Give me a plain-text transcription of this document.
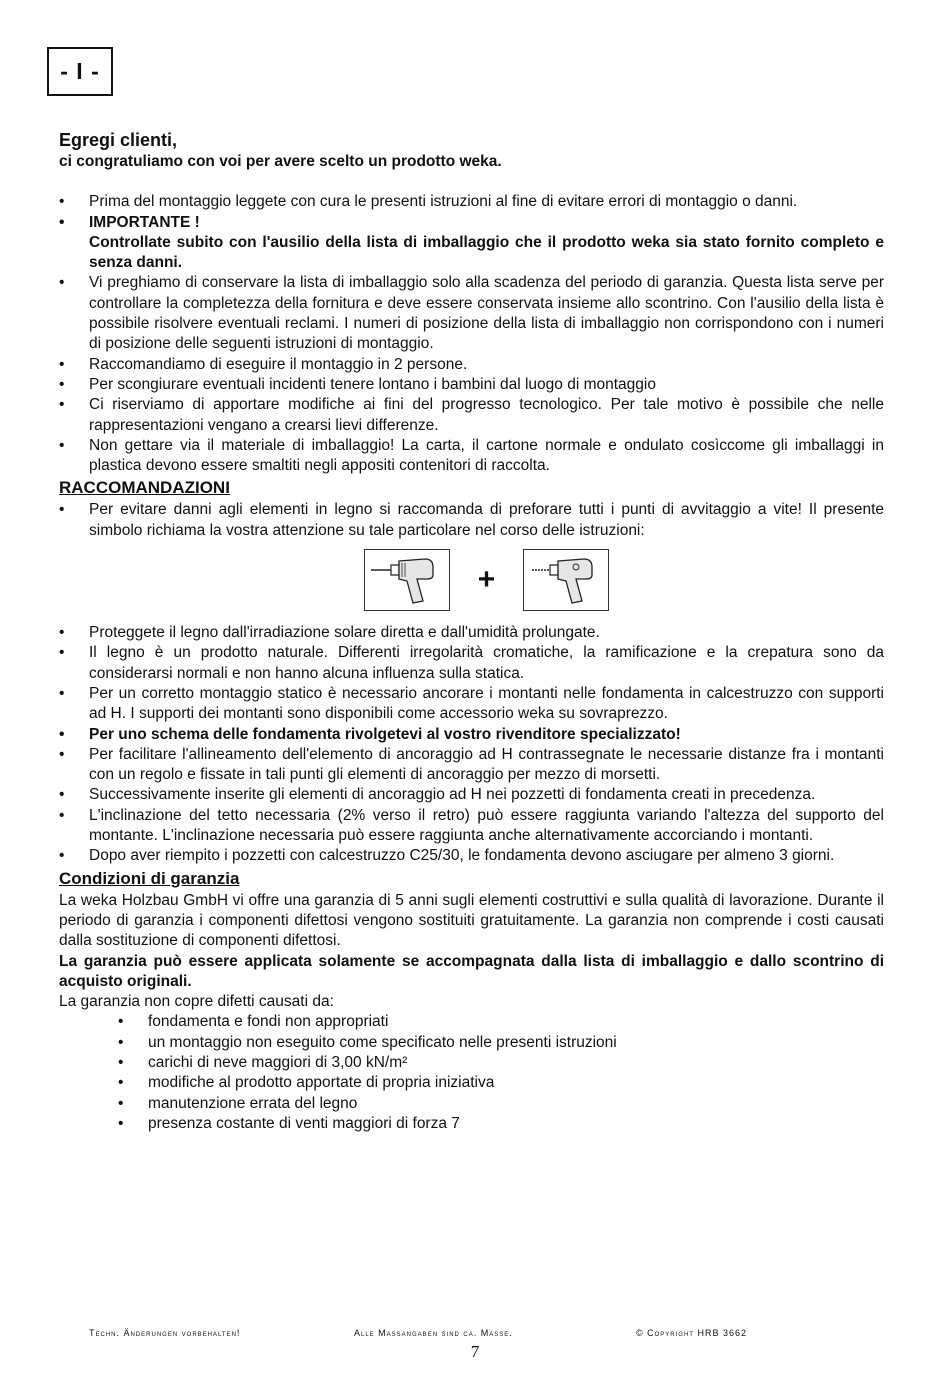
- I -
Egregi clienti,

ci congratuliamo con voi per avere scelto un prodotto weka.

• Prima del montaggio leggete con cura le presenti istruzioni al fine di evitare errori di montaggio o danni.
• IMPORTANTE !
Controllate subito con l'ausilio della lista di imballaggio che il prodotto weka sia stato fornito completo e senza danni.
• Vi preghiamo di conservare la lista di imballaggio solo alla scadenza del periodo di garanzia. Questa lista serve per controllare la completezza della fornitura e deve essere conservata insieme allo scontrino. Con l'ausilio della lista è possibile risolvere eventuali reclami. I numeri di posizione della lista di imballaggio non corrispondono con i numeri di posizione delle seguenti istruzioni di montaggio.
• Raccomandiamo di eseguire il montaggio in 2 persone.
• Per scongiurare eventuali incidenti tenere lontano i bambini dal luogo di montaggio
• Ci riserviamo di apportare modifiche ai fini del progresso tecnologico. Per tale motivo è possibile che nelle rappresentazioni vengano a crearsi lievi differenze.
• Non gettare via il materiale di imballaggio! La carta, il cartone normale e ondulato cosìccome gli imballaggi in plastica devono essere smaltiti negli appositi contenitori di raccolta.
RACCOMANDAZIONI
• Per evitare danni agli elementi in legno si raccomanda di preforare tutti i punti di avvitaggio a vite! Il presente simbolo richiama la vostra attenzione su tale particolare nel corso delle istruzioni:
+
• Proteggete il legno dall'irradiazione solare diretta e dall'umidità prolungate.
• Il legno è un prodotto naturale. Differenti irregolarità cromatiche, la ramificazione e la crepatura sono da considerarsi normali e non hanno alcuna influenza sulla statica.
• Per un corretto montaggio statico è necessario ancorare i montanti nelle fondamenta in calcestruzzo con supporti ad H. I supporti dei montanti sono disponibili come accessorio weka su sovraprezzo.
• Per uno schema delle fondamenta rivolgetevi al vostro rivenditore specializzato!
• Per facilitare l'allineamento dell'elemento di ancoraggio ad H contrassegnate le necessarie distanze fra i montanti con un regolo e fissate in tali punti gli elementi di ancoraggio per mezzo di morsetti.
• Successivamente inserite gli elementi di ancoraggio ad H nei pozzetti di fondamenta creati in precedenza.
• L'inclinazione del tetto necessaria (2% verso il retro) può essere raggiunta variando l'altezza del supporto del montante. L'inclinazione necessaria può essere raggiunta anche alternativamente accorciando i montanti.
• Dopo aver riempito i pozzetti con calcestruzzo C25/30, le fondamenta devono asciugare per almeno 3 giorni.
Condizioni di garanzia

La weka Holzbau GmbH vi offre una garanzia di 5 anni sugli elementi costruttivi e sulla qualità di lavorazione. Durante il periodo di garanzia i componenti difettosi vengono sostituiti gratuitamente. La garanzia non comprende i costi causati dalla sostituzione di componenti difettosi.

La garanzia può essere applicata solamente se accompagnata dalla lista di imballaggio e dallo scontrino di acquisto originali.

La garanzia non copre difetti causati da:

• fondamenta e fondi non appropriati
• un montaggio non eseguito come specificato nelle presenti istruzioni
• carichi di neve maggiori di 3,00 kN/m²
• modifiche al prodotto apportate di propria iniziativa
• manutenzione errata del legno
• presenza costante di venti maggiori di forza 7
Techn. Änderungen vorbehalten!	Alle Massangaben sind ca. Masse.	© Copyright HRB 3662
7
